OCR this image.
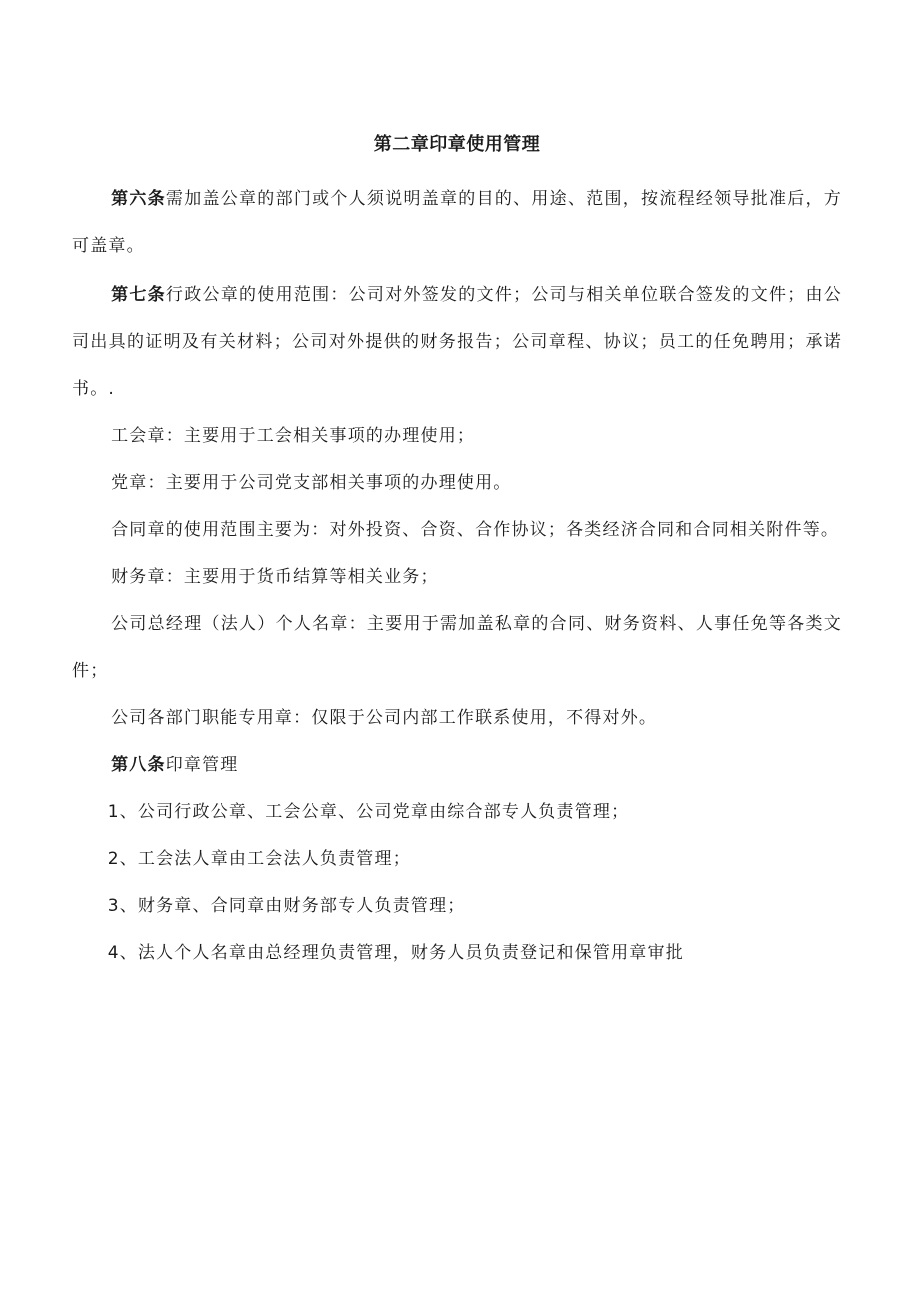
第二章印章使用管理

第六条需加盖公章的部门或个人须说明盖章的目的、用途、范围，按流程经领导批准后，方可盖章。

第七条行政公章的使用范围：公司对外签发的文件；公司与相关单位联合签发的文件；由公司出具的证明及有关材料；公司对外提供的财务报告；公司章程、协议；员工的任免聘用；承诺书。.

工会章：主要用于工会相关事项的办理使用；

党章：主要用于公司党支部相关事项的办理使用。

合同章的使用范围主要为：对外投资、合资、合作协议；各类经济合同和合同相关附件等。

财务章：主要用于货币结算等相关业务；

公司总经理（法人）个人名章：主要用于需加盖私章的合同、财务资料、人事任免等各类文件；

公司各部门职能专用章：仅限于公司内部工作联系使用，不得对外。

第八条印章管理

1、公司行政公章、工会公章、公司党章由综合部专人负责管理；

2、工会法人章由工会法人负责管理；

3、财务章、合同章由财务部专人负责管理；

4、法人个人名章由总经理负责管理，财务人员负责登记和保管用章审批
